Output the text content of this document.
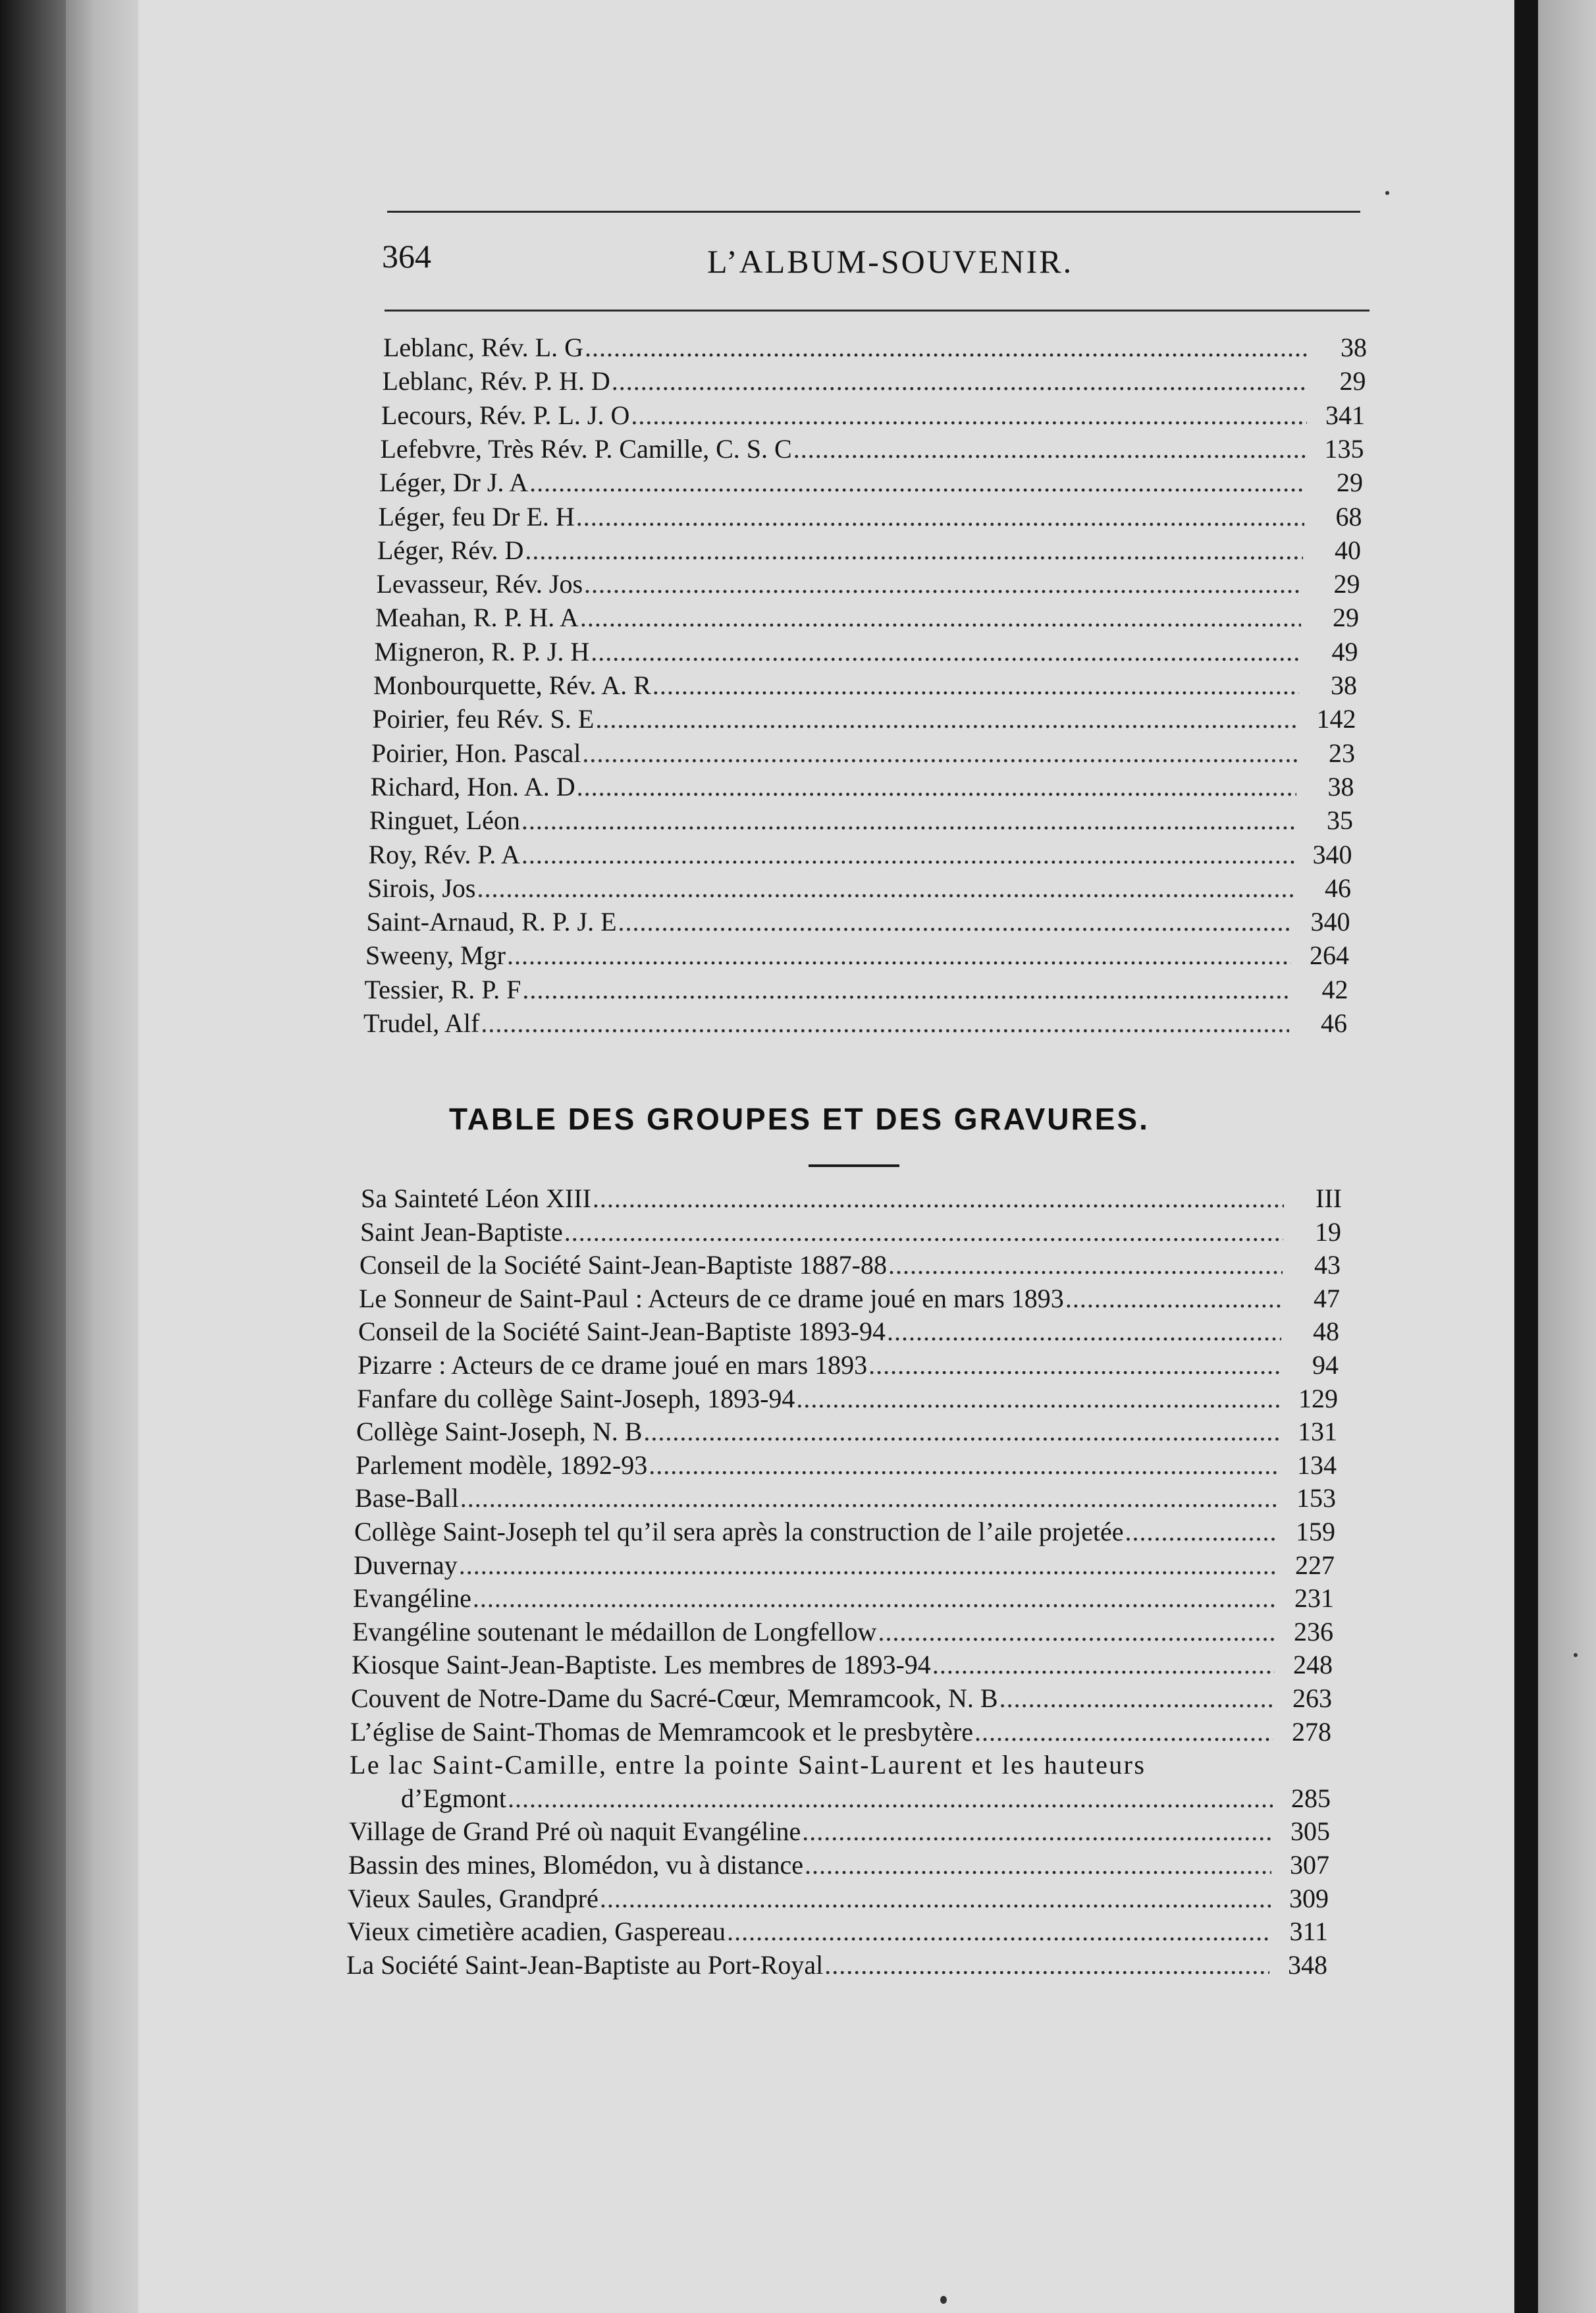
364	L’ALBUM-SOUVENIR.
Leblanc, Rév. L. G .....	38
Leblanc, Rév. P. H. D .....	29
Lecours, Rév. P. L. J. O .....	341
Lefebvre, Très Rév. P. Camille, C. S. C .....	135
Léger, Dr J. A .....	29
Léger, feu Dr E. H .....	68
Léger, Rév. D .....	40
Levasseur, Rév. Jos .....	29
Meahan, R. P. H. A .....	29
Migneron, R. P. J. H .....	49
Monbourquette, Rév. A. R .....	38
Poirier, feu Rév. S. E .....	142
Poirier, Hon. Pascal .....	23
Richard, Hon. A. D .....	38
Ringuet, Léon .....	35
Roy, Rév. P. A .....	340
Sirois, Jos .....	46
Saint-Arnaud, R. P. J. E .....	340
Sweeny, Mgr .....	264
Tessier, R. P. F .....	42
Trudel, Alf .....	46
TABLE DES GROUPES ET DES GRAVURES.
Sa Sainteté Léon XIII .....	III
Saint Jean-Baptiste .....	19
Conseil de la Société Saint-Jean-Baptiste 1887-88 .....	43
Le Sonneur de Saint-Paul : Acteurs de ce drame joué en mars 1893 .....	47
Conseil de la Société Saint-Jean-Baptiste 1893-94 .....	48
Pizarre : Acteurs de ce drame joué en mars 1893 .....	94
Fanfare du collège Saint-Joseph, 1893-94 .....	129
Collège Saint-Joseph, N. B .....	131
Parlement modèle, 1892-93 .....	134
Base-Ball .....	153
Collège Saint-Joseph tel qu’il sera après la construction de l’aile projetée .....	159
Duvernay .....	227
Evangéline .....	231
Evangéline soutenant le médaillon de Longfellow .....	236
Kiosque Saint-Jean-Baptiste. Les membres de 1893-94 .....	248
Couvent de Notre-Dame du Sacré-Cœur, Memramcook, N. B .....	263
L’église de Saint-Thomas de Memramcook et le presbytère .....	278
Le lac Saint-Camille, entre la pointe Saint-Laurent et les hauteurs
d’Egmont .....	285
Village de Grand Pré où naquit Evangéline .....	305
Bassin des mines, Blomédon, vu à distance .....	307
Vieux Saules, Grandpré .....	309
Vieux cimetière acadien, Gaspereau .....	311
La Société Saint-Jean-Baptiste au Port-Royal .....	348
